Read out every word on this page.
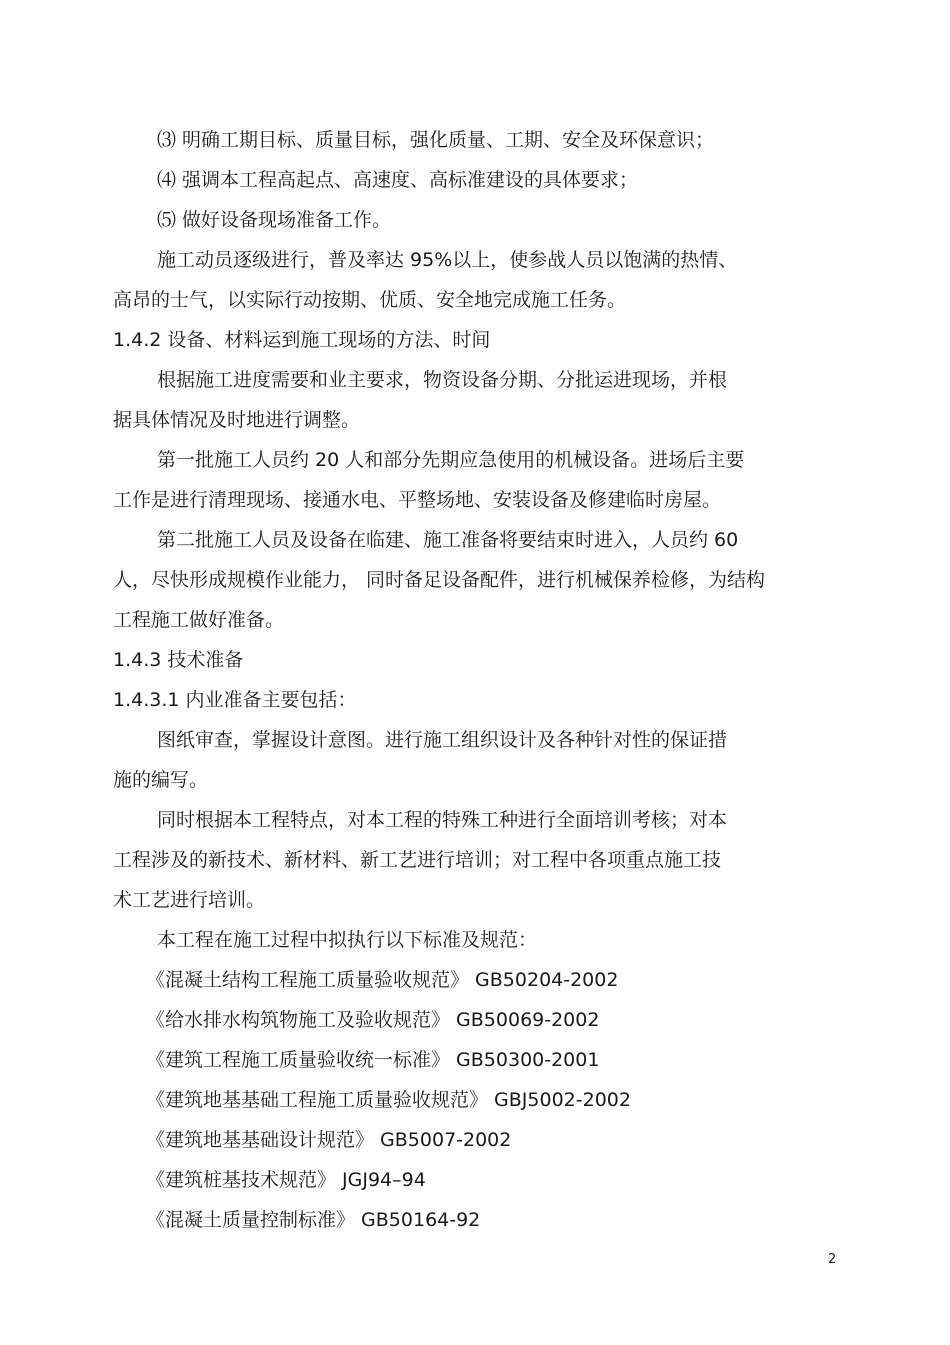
⑶ 明确工期目标、质量目标，强化质量、工期、安全及环保意识；
⑷ 强调本工程高起点、高速度、高标准建设的具体要求；
⑸ 做好设备现场准备工作。
施工动员逐级进行，普及率达 95%以上，使参战人员以饱满的热情、
高昂的士气，以实际行动按期、优质、安全地完成施工任务。
1.4.2 设备、材料运到施工现场的方法、时间
根据施工进度需要和业主要求，物资设备分期、分批运进现场，并根
据具体情况及时地进行调整。
第一批施工人员约 20 人和部分先期应急使用的机械设备。进场后主要
工作是进行清理现场、接通水电、平整场地、安装设备及修建临时房屋。
第二批施工人员及设备在临建、施工准备将要结束时进入，人员约 60
人，尽快形成规模作业能力， 同时备足设备配件，进行机械保养检修，为结构
工程施工做好准备。
1.4.3 技术准备
1.4.3.1 内业准备主要包括：
图纸审查，掌握设计意图。进行施工组织设计及各种针对性的保证措
施的编写。
同时根据本工程特点，对本工程的特殊工种进行全面培训考核；对本
工程涉及的新技术、新材料、新工艺进行培训；对工程中各项重点施工技
术工艺进行培训。
本工程在施工过程中拟执行以下标准及规范：
《混凝土结构工程施工质量验收规范》 GB50204-2002
《给水排水构筑物施工及验收规范》 GB50069-2002
《建筑工程施工质量验收统一标准》 GB50300-2001
《建筑地基基础工程施工质量验收规范》 GBJ5002-2002
《建筑地基基础设计规范》 GB5007-2002
《建筑桩基技术规范》 JGJ94–94
《混凝土质量控制标准》 GB50164-92
2
